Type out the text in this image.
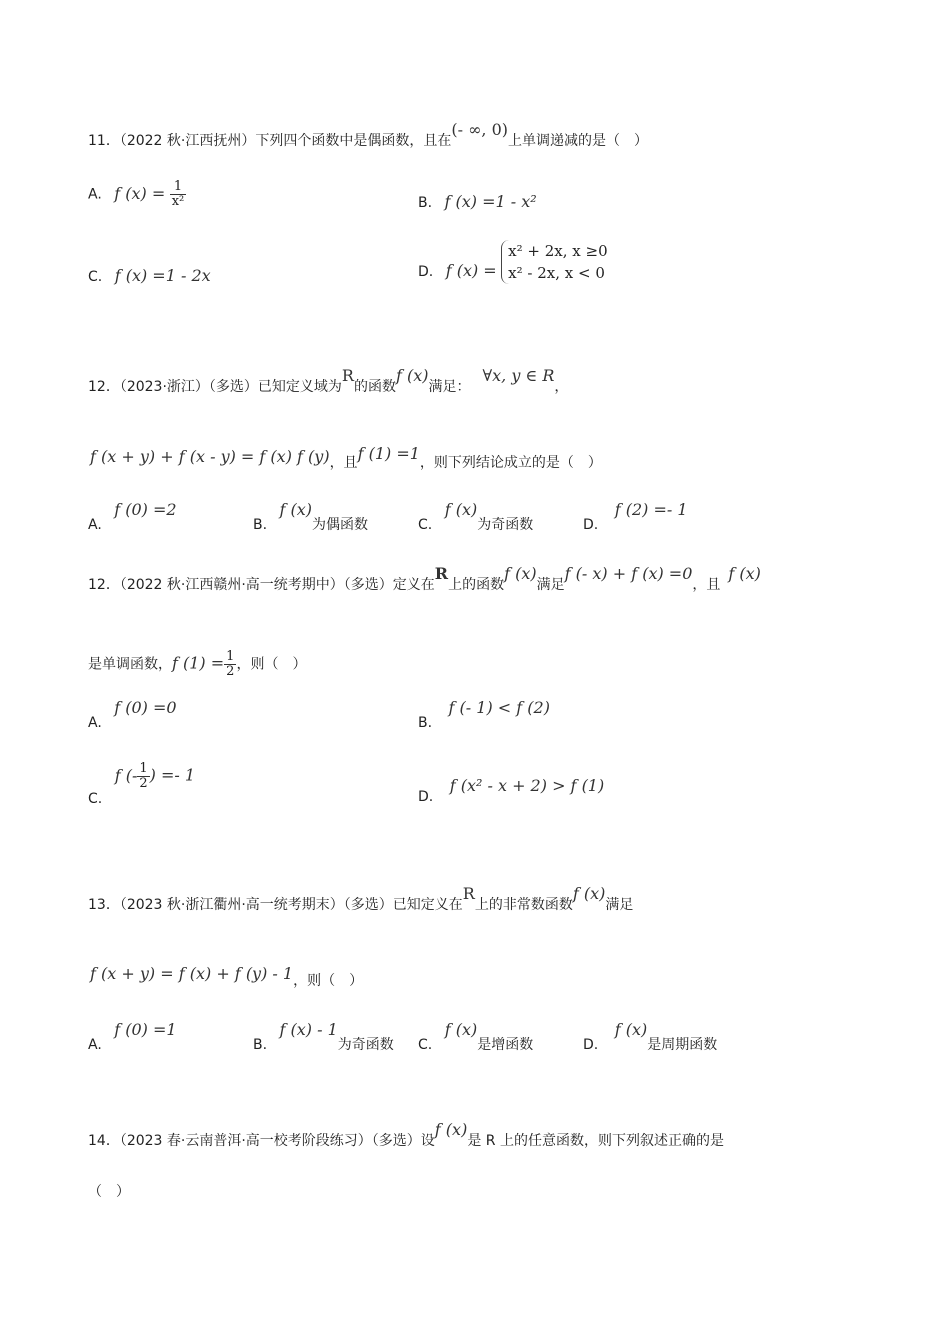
11．（2022 秋·江西抚州）下列四个函数中是偶函数，且在(- ∞, 0)上单调递减的是（　）
A. f $(x) = \frac{1}{\text{x²}}$	B. f (x) =1 - x²
C. f (x) =1 - 2x	D. f (x) =
x² + 2x, x ≥0
x² - 2x, x < 0
12．（2023·浙江）（多选）已知定义域为R的函数f (x)满足：∀x, y ∈ R，
f (x + y) + f (x - y) = f (x) f (y)，且f (1) =1，则下列结论成立的是（　）
A. f (0) =2
B. f (x)为偶函数	C. f (x)为奇函数	D. f (2) =- 1
12．（2022 秋·江西赣州·高一统考期中）（多选）定义在R上的函数f (x)满足f (- x) + f (x) =0，且f (x)
是单调函数，f $(1) = \frac{1}{2}$ ，则（　）
A. f (0) =0
B. f (- 1) < f (2)
C. f (- $\frac{1}{2}$ ) =- 1
D. f (x² - x + 2) > f (1)
13．（2023 秋·浙江衢州·高一统考期末）（多选）已知定义在R上的非常数函数f (x)满足
f (x + y) = f (x) + f (y) - 1，则（　）
A. f (0) =1
B. f (x) - 1为奇函数 C. f (x)是增函数	D. f (x)是周期函数
14．（2023 春·云南普洱·高一校考阶段练习）（多选）设f (x)是 R 上的任意函数，则下列叙述正确的是
（　）
